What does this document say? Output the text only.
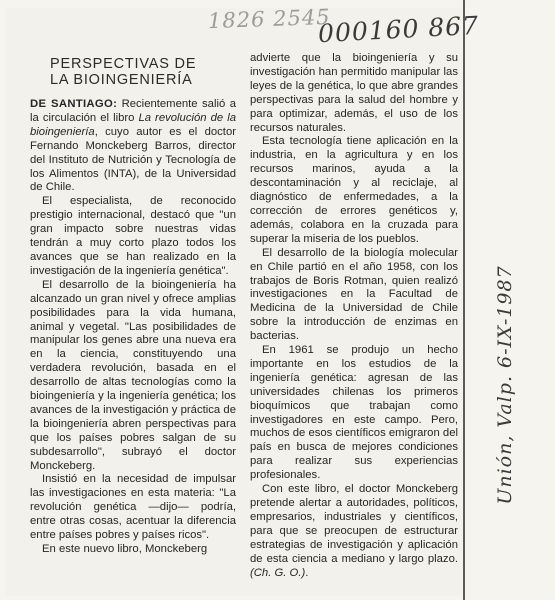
1826 2545
000160 867
Unión, Valp. 6-IX-1987
PERSPECTIVAS DE
LA BIOINGENIERÍA

DE SANTIAGO: Recientemente salió a la circulación el libro La revolución de la bioingeniería, cuyo autor es el doctor Fernando Monckeberg Barros, director del Instituto de Nutrición y Tecnología de los Alimentos (INTA), de la Universidad de Chile.

El especialista, de reconocido prestigio internacional, destacó que "un gran impacto sobre nuestras vidas tendrán a muy corto plazo todos los avances que se han realizado en la investigación de la ingeniería genética".

El desarrollo de la bioingeniería ha alcanzado un gran nivel y ofrece amplias posibilidades para la vida humana, animal y vegetal. "Las posibilidades de manipular los genes abre una nueva era en la ciencia, constituyendo una verdadera revolución, basada en el desarrollo de altas tecnologías como la bioingeniería y la ingeniería genética; los avances de la investigación y práctica de la bioingeniería abren perspectivas para que los países pobres salgan de su subdesarrollo", subrayó el doctor Monckeberg.

Insistió en la necesidad de impulsar las investigaciones en esta materia: "La revolución genética —dijo— podría, entre otras cosas, acentuar la diferencia entre países pobres y países ricos".

En este nuevo libro, Monckeberg

advierte que la bioingeniería y su investigación han permitido manipular las leyes de la genética, lo que abre grandes perspectivas para la salud del hombre y para optimizar, además, el uso de los recursos naturales.

Esta tecnología tiene aplicación en la industria, en la agricultura y en los recursos marinos, ayuda a la descontaminación y al reciclaje, al diagnóstico de enfermedades, a la corrección de errores genéticos y, además, colabora en la cruzada para superar la miseria de los pueblos.

El desarrollo de la biología molecular en Chile partió en el año 1958, con los trabajos de Boris Rotman, quien realizó investigaciones en la Facultad de Medicina de la Universidad de Chile sobre la introducción de enzimas en bacterias.

En 1961 se produjo un hecho importante en los estudios de la ingeniería genética: agresan de las universidades chilenas los primeros bioquímicos que trabajan como investigadores en este campo. Pero, muchos de esos científicos emigraron del país en busca de mejores condiciones para realizar sus experiencias profesionales.

Con este libro, el doctor Monckeberg pretende alertar a autoridades, políticos, empresarios, industriales y científicos, para que se preocupen de estructurar estrategias de investigación y aplicación de esta ciencia a mediano y largo plazo. (Ch. G. O.).
